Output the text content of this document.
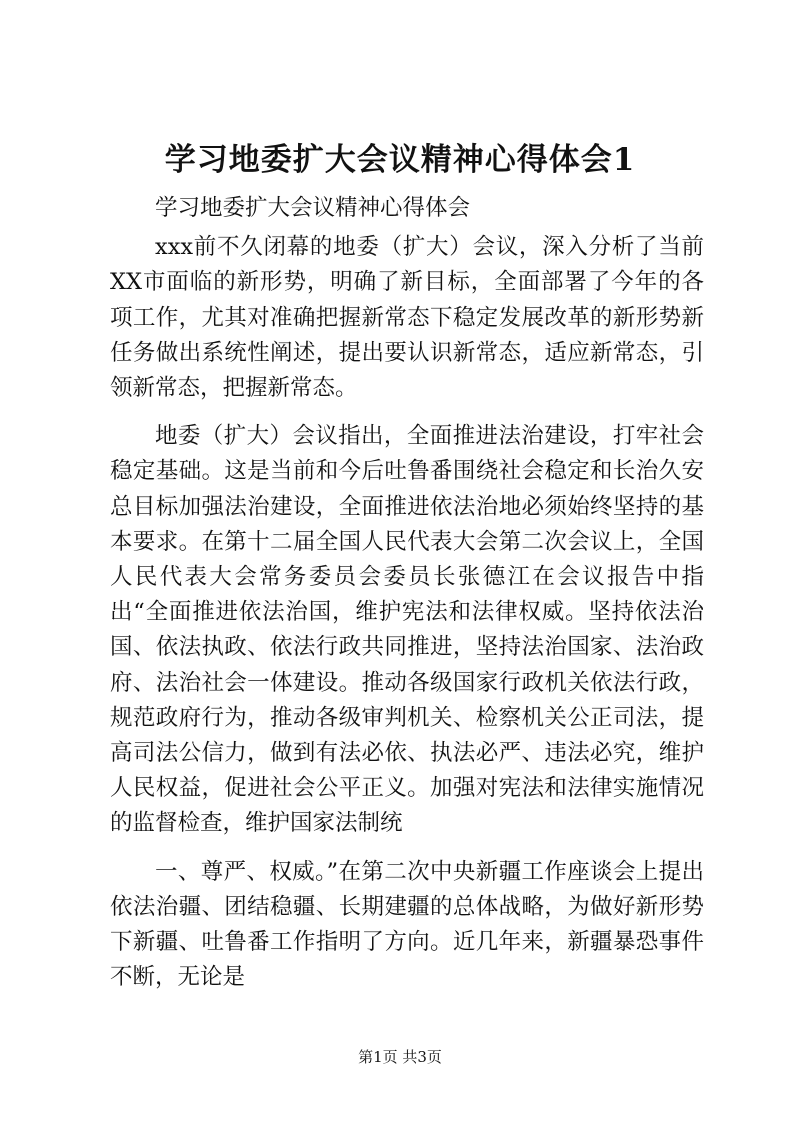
学习地委扩大会议精神心得体会1

学习地委扩大会议精神心得体会

xxx前不久闭幕的地委（扩大）会议，深入分析了当前XX市面临的新形势，明确了新目标，全面部署了今年的各项工作，尤其对准确把握新常态下稳定发展改革的新形势新任务做出系统性阐述，提出要认识新常态，适应新常态，引领新常态，把握新常态。

地委（扩大）会议指出，全面推进法治建设，打牢社会稳定基础。这是当前和今后吐鲁番围绕社会稳定和长治久安总目标加强法治建设，全面推进依法治地必须始终坚持的基本要求。在第十二届全国人民代表大会第二次会议上，全国人民代表大会常务委员会委员长张德江在会议报告中指出“全面推进依法治国，维护宪法和法律权威。坚持依法治国、依法执政、依法行政共同推进，坚持法治国家、法治政府、法治社会一体建设。推动各级国家行政机关依法行政，规范政府行为，推动各级审判机关、检察机关公正司法，提高司法公信力，做到有法必依、执法必严、违法必究，维护人民权益，促进社会公平正义。加强对宪法和法律实施情况的监督检查，维护国家法制统

一、尊严、权威。”在第二次中央新疆工作座谈会上提出依法治疆、团结稳疆、长期建疆的总体战略，为做好新形势下新疆、吐鲁番工作指明了方向。近几年来，新疆暴恐事件不断，无论是

第1页 共3页
